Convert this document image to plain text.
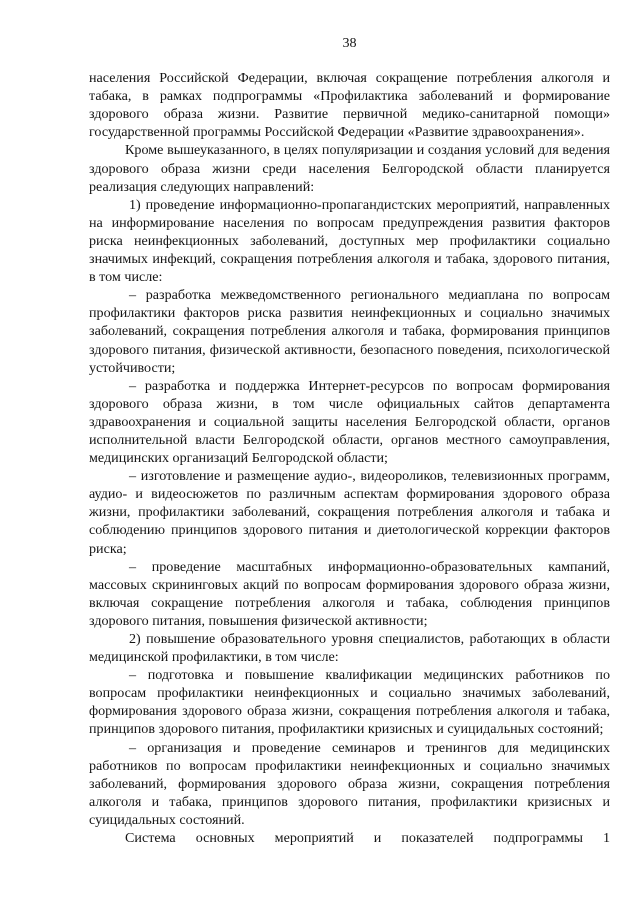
38

населения Российской Федерации, включая сокращение потребления алкоголя и табака, в рамках подпрограммы «Профилактика заболеваний и формирование здорового образа жизни. Развитие первичной медико-санитарной помощи» государственной программы Российской Федерации «Развитие здравоохранения».

Кроме вышеуказанного, в целях популяризации и создания условий для ведения здорового образа жизни среди населения Белгородской области планируется реализация следующих направлений:

1) проведение информационно-пропагандистских мероприятий, направленных на информирование населения по вопросам предупреждения развития факторов риска неинфекционных заболеваний, доступных мер профилактики социально значимых инфекций, сокращения потребления алкоголя и табака, здорового питания, в том числе:

– разработка межведомственного регионального медиаплана по вопросам профилактики факторов риска развития неинфекционных и социально значимых заболеваний, сокращения потребления алкоголя и табака, формирования принципов здорового питания, физической активности, безопасного поведения, психологической устойчивости;

– разработка и поддержка Интернет-ресурсов по вопросам формирования здорового образа жизни, в том числе официальных сайтов департамента здравоохранения и социальной защиты населения Белгородской области, органов исполнительной власти Белгородской области, органов местного самоуправления, медицинских организаций Белгородской области;

– изготовление и размещение аудио-, видеороликов, телевизионных программ, аудио- и видеосюжетов по различным аспектам формирования здорового образа жизни, профилактики заболеваний, сокращения потребления алкоголя и табака и соблюдению принципов здорового питания и диетологической коррекции факторов риска;

– проведение масштабных информационно-образовательных кампаний, массовых скрининговых акций по вопросам формирования здорового образа жизни, включая сокращение потребления алкоголя и табака, соблюдения принципов здорового питания, повышения физической активности;

2) повышение образовательного уровня специалистов, работающих в области медицинской профилактики, в том числе:

– подготовка и повышение квалификации медицинских работников по вопросам профилактики неинфекционных и социально значимых заболеваний, формирования здорового образа жизни, сокращения потребления алкоголя и табака, принципов здорового питания, профилактики кризисных и суицидальных состояний;

– организация и проведение семинаров и тренингов для медицинских работников по вопросам профилактики неинфекционных и социально значимых заболеваний, формирования здорового образа жизни, сокращения потребления алкоголя и табака, принципов здорового питания, профилактики кризисных и суицидальных состояний.

Система основных мероприятий и показателей подпрограммы 1
